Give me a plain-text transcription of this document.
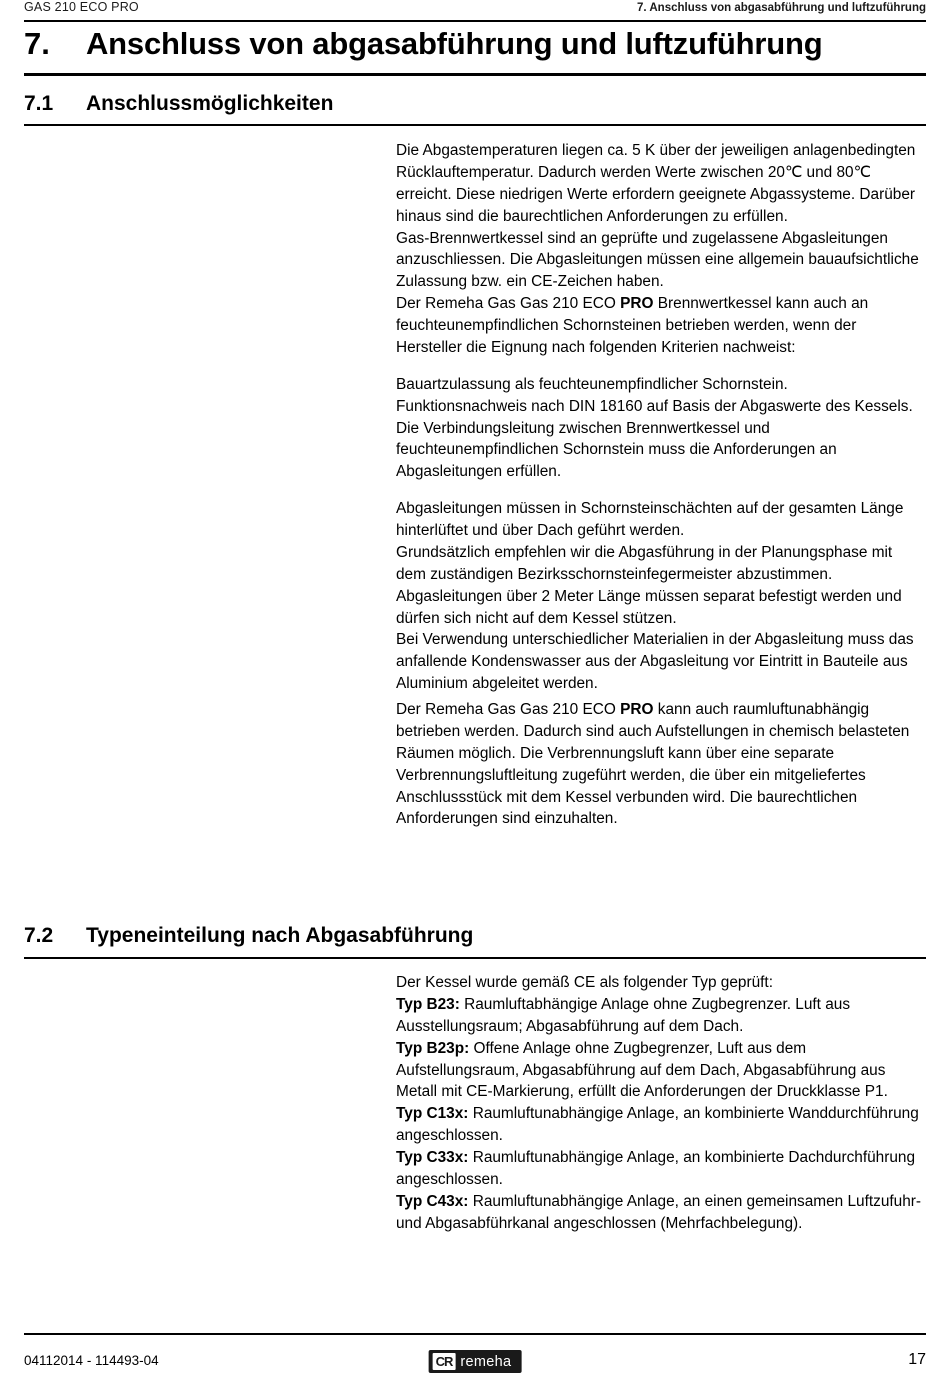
GAS 210 ECO PRO	7. Anschluss von abgasabführung und luftzuführung
7.	Anschluss von abgasabführung und luftzuführung
7.1	Anschlussmöglichkeiten

Die Abgastemperaturen liegen ca. 5 K über der jeweiligen anlagenbedingten Rücklauftemperatur. Dadurch werden Werte zwischen 20℃ und 80℃ erreicht. Diese niedrigen Werte erfordern geeignete Abgassysteme. Darüber hinaus sind die baurechtlichen Anforderungen zu erfüllen.

Gas-Brennwertkessel sind an geprüfte und zugelassene Abgasleitungen anzuschliessen. Die Abgasleitungen müssen eine allgemein bauaufsichtliche Zulassung bzw. ein CE-Zeichen haben.

Der Remeha Gas Gas 210 ECO PRO Brennwertkessel kann auch an feuchteunempfindlichen Schornsteinen betrieben werden, wenn der Hersteller die Eignung nach folgenden Kriterien nachweist:

Bauartzulassung als feuchteunempfindlicher Schornstein.

Funktionsnachweis nach DIN 18160 auf Basis der Abgaswerte des Kessels. Die Verbindungsleitung zwischen Brennwertkessel und feuchteunempfindlichen Schornstein muss die Anforderungen an Abgasleitungen erfüllen.

Abgasleitungen müssen in Schornsteinschächten auf der gesamten Länge hinterlüftet und über Dach geführt werden.

Grundsätzlich empfehlen wir die Abgasführung in der Planungsphase mit dem zuständigen Bezirksschornsteinfegermeister abzustimmen.

Abgasleitungen über 2 Meter Länge müssen separat befestigt werden und dürfen sich nicht auf dem Kessel stützen.

Bei Verwendung unterschiedlicher Materialien in der Abgasleitung muss das anfallende Kondenswasser aus der Abgasleitung vor Eintritt in Bauteile aus Aluminium abgeleitet werden.

Der Remeha Gas Gas 210 ECO PRO kann auch raumluftunabhängig betrieben werden. Dadurch sind auch Aufstellungen in chemisch belasteten Räumen möglich. Die Verbrennungsluft kann über eine separate Verbrennungsluftleitung zugeführt werden, die über ein mitgeliefertes Anschlussstück mit dem Kessel verbunden wird. Die baurechtlichen Anforderungen sind einzuhalten.

7.2	Typeneinteilung nach Abgasabführung

Der Kessel wurde gemäß CE als folgender Typ geprüft:

Typ B23: Raumluftabhängige Anlage ohne Zugbegrenzer. Luft aus Ausstellungsraum; Abgasabführung auf dem Dach.

Typ B23p: Offene Anlage ohne Zugbegrenzer, Luft aus dem Aufstellungsraum, Abgasabführung auf dem Dach, Abgasabführung aus Metall mit CE-Markierung, erfüllt die Anforderungen der Druckklasse P1.

Typ C13x: Raumluftunabhängige Anlage, an kombinierte Wanddurchführung angeschlossen.

Typ C33x: Raumluftunabhängige Anlage, an kombinierte Dachdurchführung angeschlossen.

Typ C43x: Raumluftunabhängige Anlage, an einen gemeinsamen Luftzufuhr- und Abgasabführkanal angeschlossen (Mehrfachbelegung).

04112014 - 114493-04	17
CR remeha
